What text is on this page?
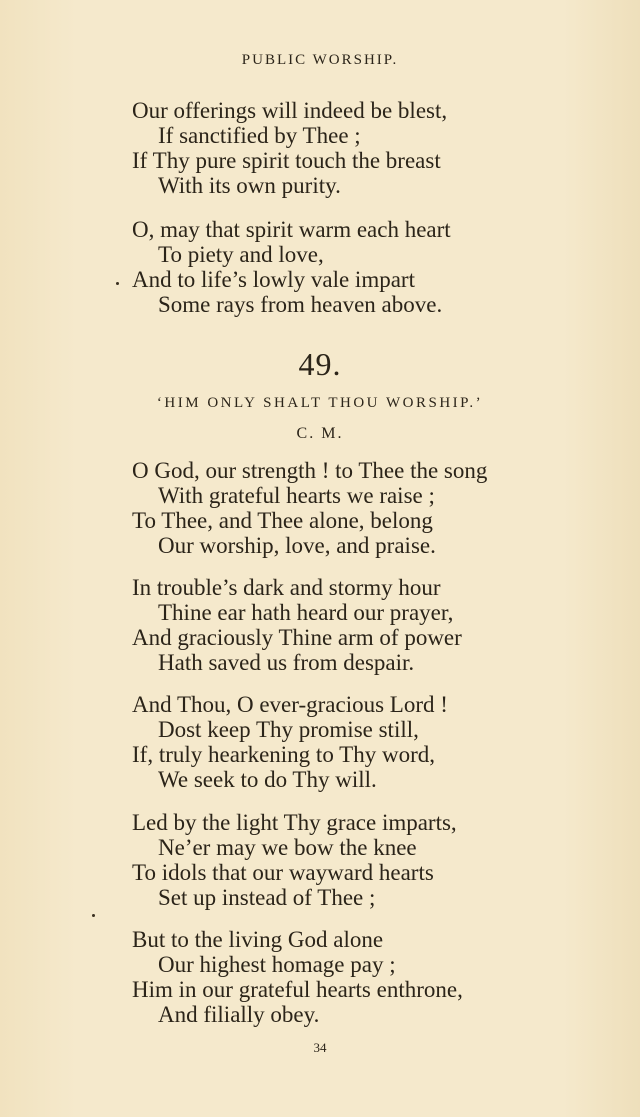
PUBLIC WORSHIP.
Our offerings will indeed be blest,
If sanctified by Thee ;
If Thy pure spirit touch the breast
With its own purity.
O, may that spirit warm each heart
To piety and love,
And to life’s lowly vale impart
Some rays from heaven above.
49.
‘HIM ONLY SHALT THOU WORSHIP.’
C. M.
O God, our strength ! to Thee the song
With grateful hearts we raise ;
To Thee, and Thee alone, belong
Our worship, love, and praise.
In trouble’s dark and stormy hour
Thine ear hath heard our prayer,
And graciously Thine arm of power
Hath saved us from despair.
And Thou, O ever-gracious Lord !
Dost keep Thy promise still,
If, truly hearkening to Thy word,
We seek to do Thy will.
Led by the light Thy grace imparts,
Ne’er may we bow the knee
To idols that our wayward hearts
Set up instead of Thee ;
But to the living God alone
Our highest homage pay ;
Him in our grateful hearts enthrone,
And filially obey.
34
